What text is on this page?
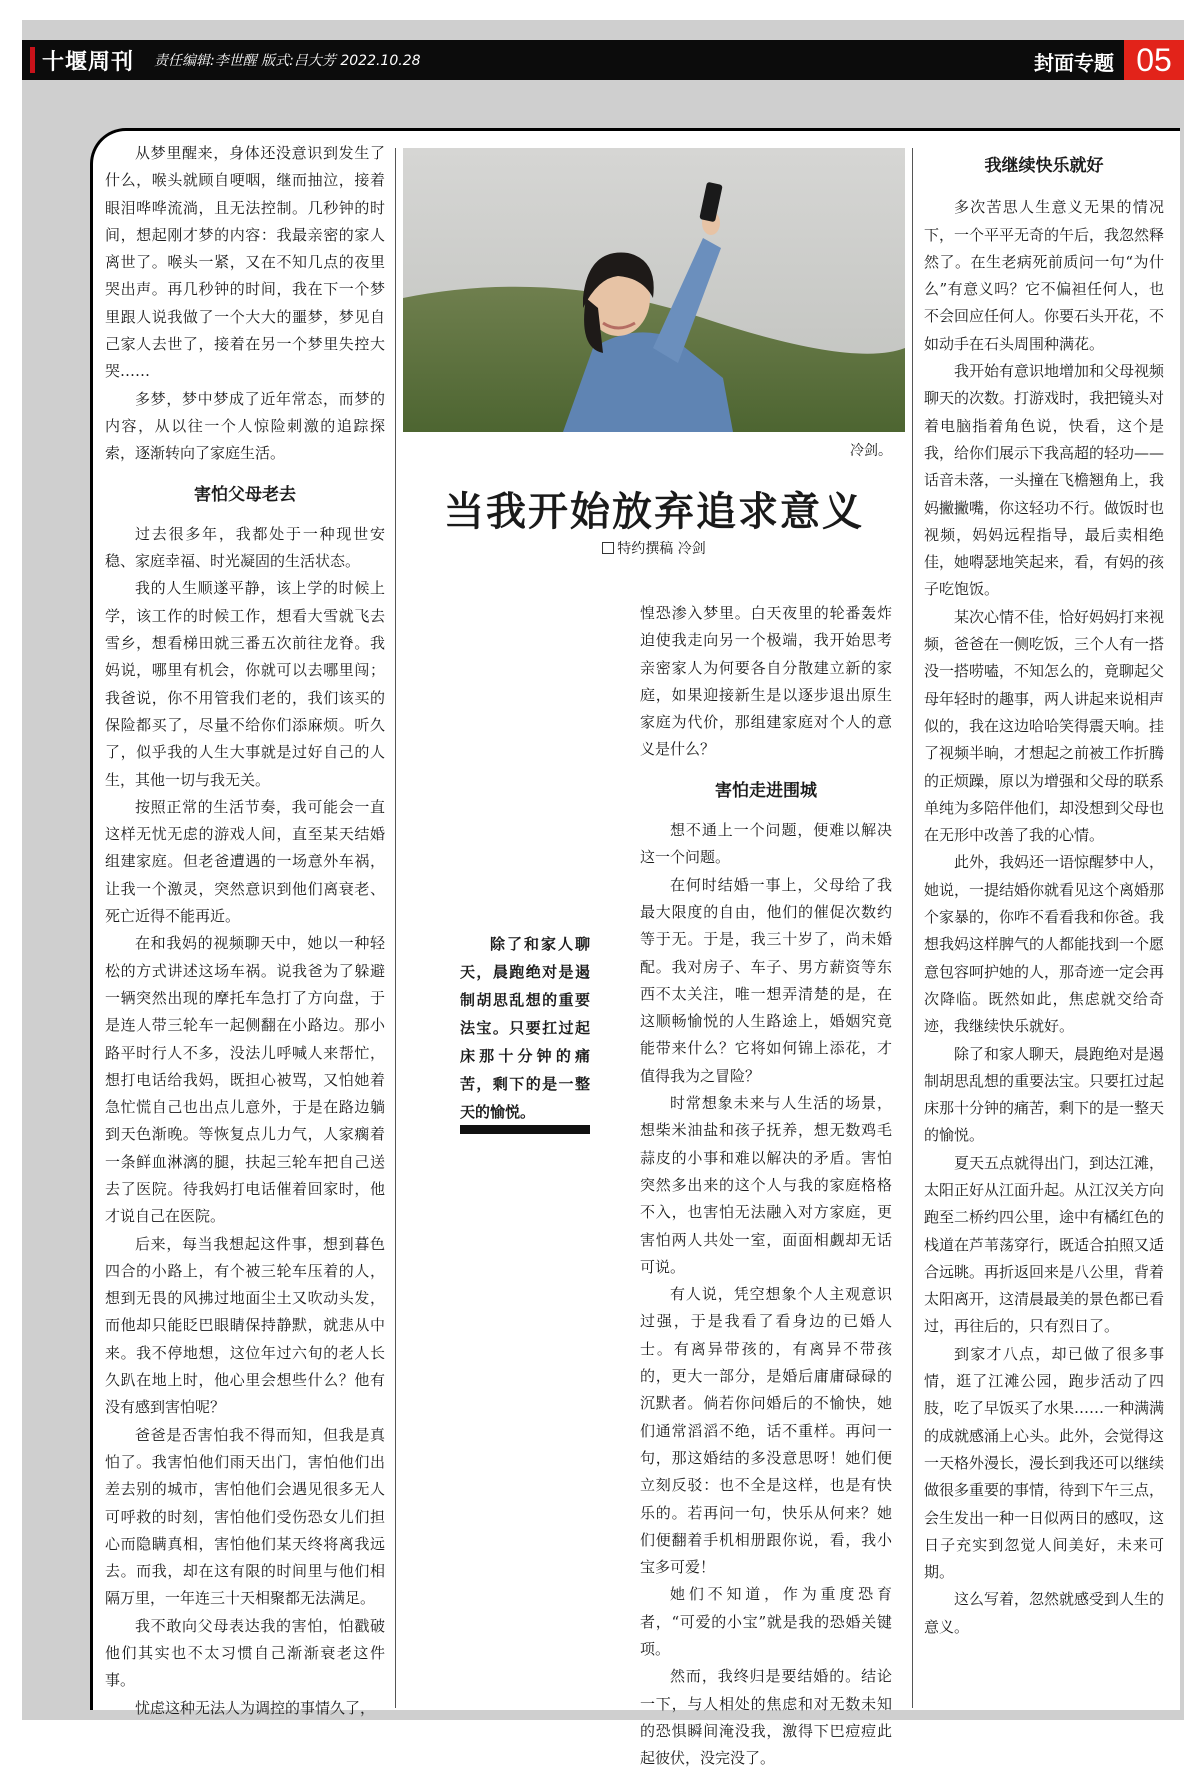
十堰周刊 责任编辑:李世醒 版式:吕大芳 2022.10.28	封面专题 05

从梦里醒来，身体还没意识到发生了什么，喉头就顾自哽咽，继而抽泣，接着眼泪哗哗流淌，且无法控制。几秒钟的时间，想起刚才梦的内容：我最亲密的家人离世了。喉头一紧，又在不知几点的夜里哭出声。再几秒钟的时间，我在下一个梦里跟人说我做了一个大大的噩梦，梦见自己家人去世了，接着在另一个梦里失控大哭……

多梦，梦中梦成了近年常态，而梦的内容，从以往一个人惊险刺激的追踪探索，逐渐转向了家庭生活。

害怕父母老去

过去很多年，我都处于一种现世安稳、家庭幸福、时光凝固的生活状态。

我的人生顺遂平静，该上学的时候上学，该工作的时候工作，想看大雪就飞去雪乡，想看梯田就三番五次前往龙脊。我妈说，哪里有机会，你就可以去哪里闯；我爸说，你不用管我们老的，我们该买的保险都买了，尽量不给你们添麻烦。听久了，似乎我的人生大事就是过好自己的人生，其他一切与我无关。

按照正常的生活节奏，我可能会一直这样无忧无虑的游戏人间，直至某天结婚组建家庭。但老爸遭遇的一场意外车祸，让我一个激灵，突然意识到他们离衰老、死亡近得不能再近。

在和我妈的视频聊天中，她以一种轻松的方式讲述这场车祸。说我爸为了躲避一辆突然出现的摩托车急打了方向盘，于是连人带三轮车一起侧翻在小路边。那小路平时行人不多，没法儿呼喊人来帮忙，想打电话给我妈，既担心被骂，又怕她着急忙慌自己也出点儿意外，于是在路边躺到天色渐晚。等恢复点儿力气，人家瘸着一条鲜血淋漓的腿，扶起三轮车把自己送去了医院。待我妈打电话催着回家时，他才说自己在医院。

后来，每当我想起这件事，想到暮色四合的小路上，有个被三轮车压着的人，想到无畏的风拂过地面尘土又吹动头发，而他却只能眨巴眼睛保持静默，就悲从中来。我不停地想，这位年过六旬的老人长久趴在地上时，他心里会想些什么？他有没有感到害怕呢？

爸爸是否害怕我不得而知，但我是真怕了。我害怕他们雨天出门，害怕他们出差去别的城市，害怕他们会遇见很多无人可呼救的时刻，害怕他们受伤恐女儿们担心而隐瞒真相，害怕他们某天终将离我远去。而我，却在这有限的时间里与他们相隔万里，一年连三十天相聚都无法满足。

我不敢向父母表达我的害怕，怕戳破他们其实也不太习惯自己渐渐衰老这件事。

忧虑这种无法人为调控的事情久了，

冷剑。
当我开始放弃追求意义
特约撰稿 冷剑
除了和家人聊天，晨跑绝对是遏制胡思乱想的重要法宝。只要扛过起床那十分钟的痛苦，剩下的是一整天的愉悦。

惶恐渗入梦里。白天夜里的轮番轰炸迫使我走向另一个极端，我开始思考亲密家人为何要各自分散建立新的家庭，如果迎接新生是以逐步退出原生家庭为代价，那组建家庭对个人的意义是什么？

害怕走进围城

想不通上一个问题，便难以解决这一个问题。

在何时结婚一事上，父母给了我最大限度的自由，他们的催促次数约等于无。于是，我三十岁了，尚未婚配。我对房子、车子、男方薪资等东西不太关注，唯一想弄清楚的是，在这顺畅愉悦的人生路途上，婚姻究竟能带来什么？它将如何锦上添花，才值得我为之冒险？

时常想象未来与人生活的场景，想柴米油盐和孩子抚养，想无数鸡毛蒜皮的小事和难以解决的矛盾。害怕突然多出来的这个人与我的家庭格格不入，也害怕无法融入对方家庭，更害怕两人共处一室，面面相觑却无话可说。

有人说，凭空想象个人主观意识过强，于是我看了看身边的已婚人士。有离异带孩的，有离异不带孩的，更大一部分，是婚后庸庸碌碌的沉默者。倘若你问婚后的不愉快，她们通常滔滔不绝，话不重样。再问一句，那这婚结的多没意思呀！她们便立刻反驳：也不全是这样，也是有快乐的。若再问一句，快乐从何来？她们便翻着手机相册跟你说，看，我小宝多可爱！

她们不知道，作为重度恐育者，“可爱的小宝”就是我的恐婚关键项。

然而，我终归是要结婚的。结论一下，与人相处的焦虑和对无数未知的恐惧瞬间淹没我，激得下巴痘痘此起彼伏，没完没了。

我继续快乐就好

多次苦思人生意义无果的情况下，一个平平无奇的午后，我忽然释然了。在生老病死前质问一句“为什么”有意义吗？它不偏袒任何人，也不会回应任何人。你要石头开花，不如动手在石头周围种满花。

我开始有意识地增加和父母视频聊天的次数。打游戏时，我把镜头对着电脑指着角色说，快看，这个是我，给你们展示下我高超的轻功——话音未落，一头撞在飞檐翘角上，我妈撇撇嘴，你这轻功不行。做饭时也视频，妈妈远程指导，最后卖相绝佳，她嘚瑟地笑起来，看，有妈的孩子吃饱饭。

某次心情不佳，恰好妈妈打来视频，爸爸在一侧吃饭，三个人有一搭没一搭唠嗑，不知怎么的，竟聊起父母年轻时的趣事，两人讲起来说相声似的，我在这边哈哈笑得震天响。挂了视频半晌，才想起之前被工作折腾的正烦躁，原以为增强和父母的联系单纯为多陪伴他们，却没想到父母也在无形中改善了我的心情。

此外，我妈还一语惊醒梦中人，她说，一提结婚你就看见这个离婚那个家暴的，你咋不看看我和你爸。我想我妈这样脾气的人都能找到一个愿意包容呵护她的人，那奇迹一定会再次降临。既然如此，焦虑就交给奇迹，我继续快乐就好。

除了和家人聊天，晨跑绝对是遏制胡思乱想的重要法宝。只要扛过起床那十分钟的痛苦，剩下的是一整天的愉悦。

夏天五点就得出门，到达江滩，太阳正好从江面升起。从江汉关方向跑至二桥约四公里，途中有橘红色的栈道在芦苇荡穿行，既适合拍照又适合远眺。再折返回来是八公里，背着太阳离开，这清晨最美的景色都已看过，再往后的，只有烈日了。

到家才八点，却已做了很多事情，逛了江滩公园，跑步活动了四肢，吃了早饭买了水果……一种满满的成就感涌上心头。此外，会觉得这一天格外漫长，漫长到我还可以继续做很多重要的事情，待到下午三点，会生发出一种一日似两日的感叹，这日子充实到忽觉人间美好，未来可期。

这么写着，忽然就感受到人生的意义。
